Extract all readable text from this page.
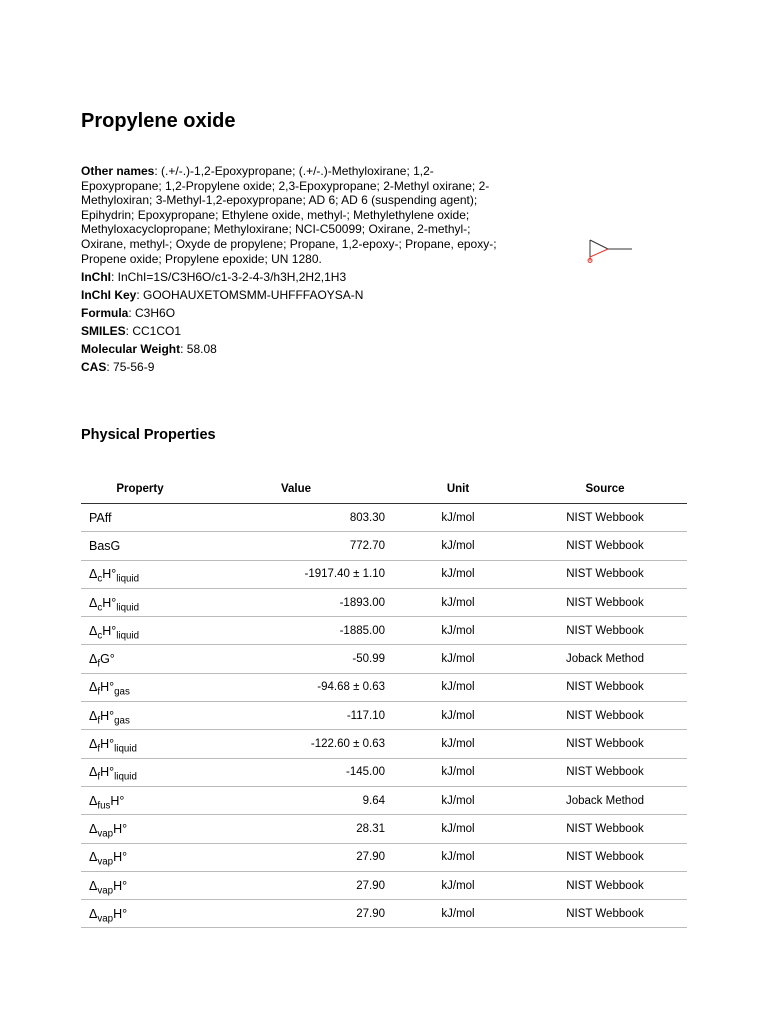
Propylene oxide
Other names: (.+/-.)-1,2-Epoxypropane; (.+/-.)-Methyloxirane; 1,2-Epoxypropane; 1,2-Propylene oxide; 2,3-Epoxypropane; 2-Methyl oxirane; 2-Methyloxiran; 3-Methyl-1,2-epoxypropane; AD 6; AD 6 (suspending agent); Epihydrin; Epoxypropane; Ethylene oxide, methyl-; Methylethylene oxide; Methyloxacyclopropane; Methyloxirane; NCI-C50099; Oxirane, 2-methyl-; Oxirane, methyl-; Oxyde de propylene; Propane, 1,2-epoxy-; Propane, epoxy-; Propene oxide; Propylene epoxide; UN 1280.
InChI: InChI=1S/C3H6O/c1-3-2-4-3/h3H,2H2,1H3
InChI Key: GOOHAUXETOMSMM-UHFFFAOYSA-N
Formula: C3H6O
SMILES: CC1CO1
Molecular Weight: 58.08
CAS: 75-56-9
Physical Properties
Property	Value	Unit	Source
PAff	803.30	kJ/mol	NIST Webbook
BasG	772.70	kJ/mol	NIST Webbook
$\Delta_cH^\circ_{liquid}$	-1917.40 ± 1.10	kJ/mol	NIST Webbook
$\Delta_cH^\circ_{liquid}$	-1893.00	kJ/mol	NIST Webbook
$\Delta_cH^\circ_{liquid}$	-1885.00	kJ/mol	NIST Webbook
$\Delta_fG^\circ$	-50.99	kJ/mol	Joback Method
$\Delta_fH^\circ_{gas}$	-94.68 ± 0.63	kJ/mol	NIST Webbook
$\Delta_fH^\circ_{gas}$	-117.10	kJ/mol	NIST Webbook
$\Delta_fH^\circ_{liquid}$	-122.60 ± 0.63	kJ/mol	NIST Webbook
$\Delta_fH^\circ_{liquid}$	-145.00	kJ/mol	NIST Webbook
$\Delta_{fus}H^\circ$	9.64	kJ/mol	Joback Method
$\Delta_{vap}H^\circ$	28.31	kJ/mol	NIST Webbook
$\Delta_{vap}H^\circ$	27.90	kJ/mol	NIST Webbook
$\Delta_{vap}H^\circ$	27.90	kJ/mol	NIST Webbook
$\Delta_{vap}H^\circ$	27.90	kJ/mol	NIST Webbook
